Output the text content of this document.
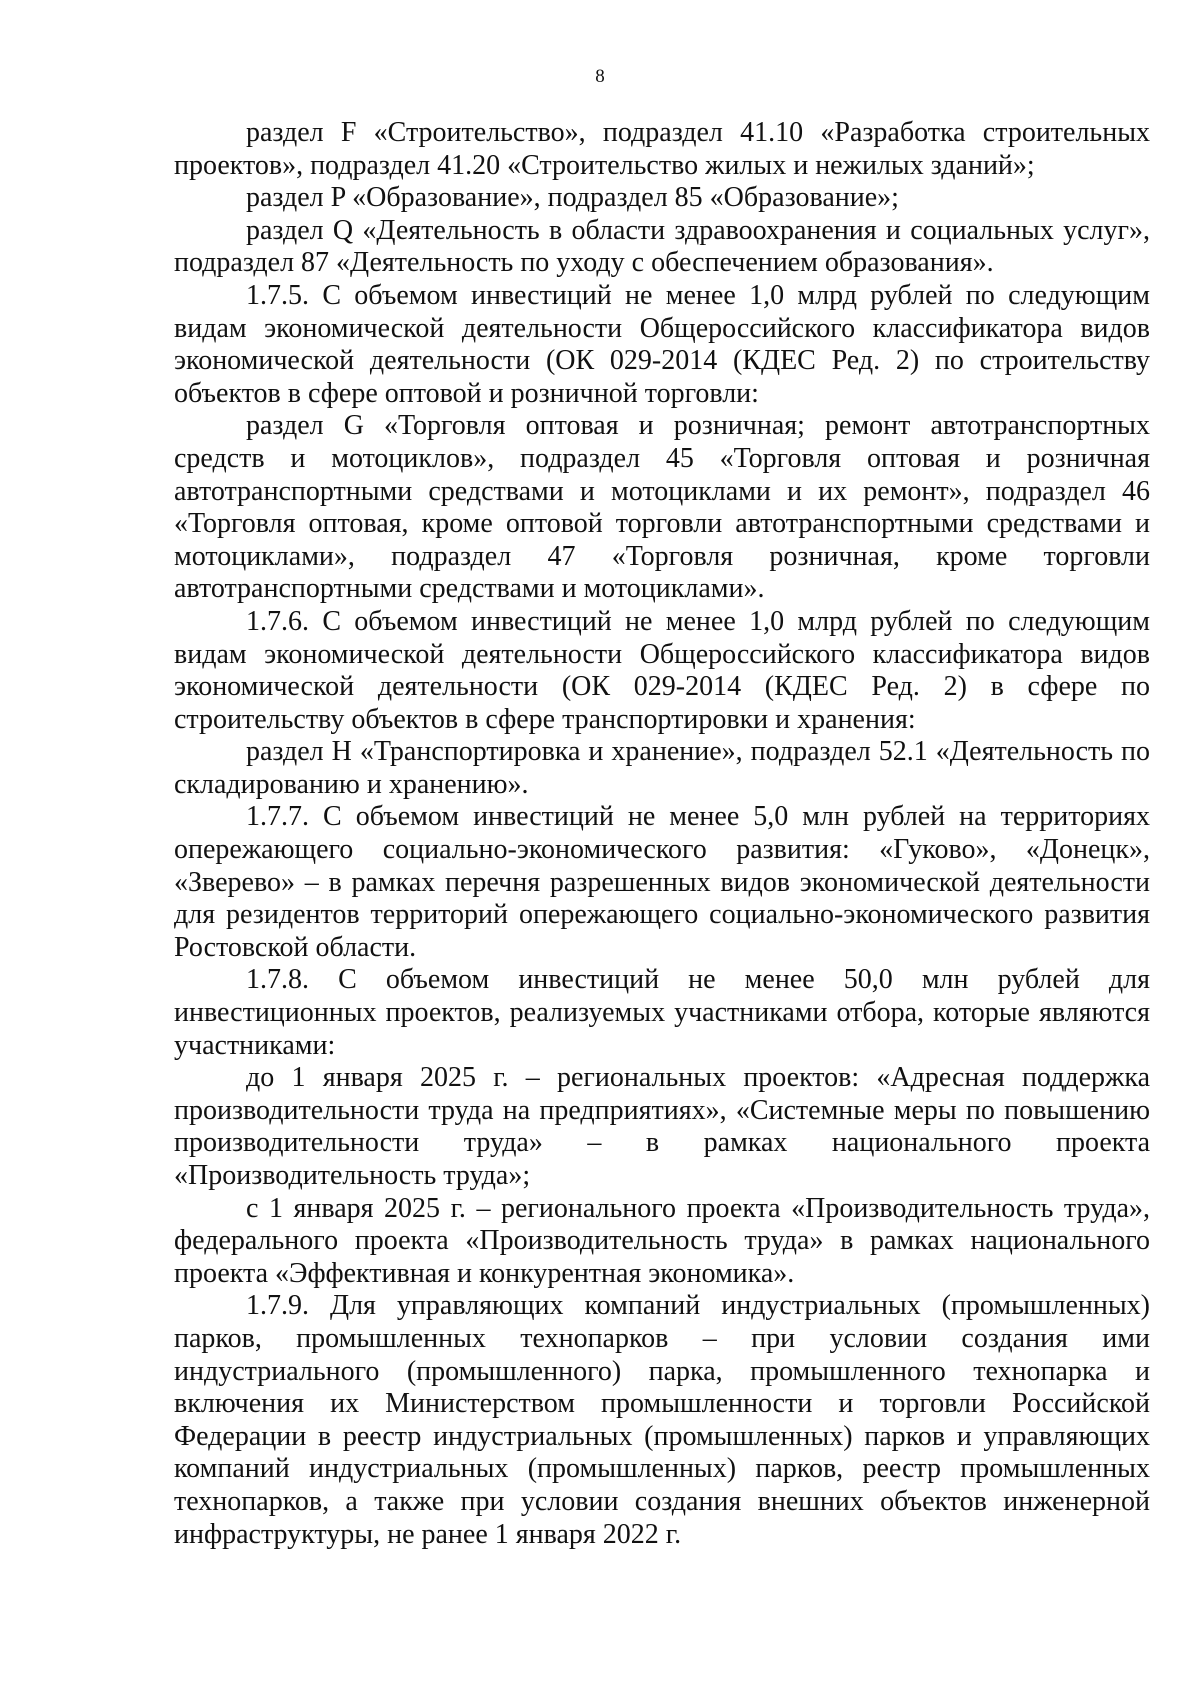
8

раздел F «Строительство», подраздел 41.10 «Разработка строительных проектов», подраздел 41.20 «Строительство жилых и нежилых зданий»;

раздел P «Образование», подраздел 85 «Образование»;

раздел Q «Деятельность в области здравоохранения и социальных услуг», подраздел 87 «Деятельность по уходу с обеспечением образования».

1.7.5. С объемом инвестиций не менее 1,0 млрд рублей по следующим видам экономической деятельности Общероссийского классификатора видов экономической деятельности (ОК 029-2014 (КДЕС Ред. 2) по строительству объектов в сфере оптовой и розничной торговли:

раздел G «Торговля оптовая и розничная; ремонт автотранспортных средств и мотоциклов», подраздел 45 «Торговля оптовая и розничная автотранспортными средствами и мотоциклами и их ремонт», подраздел 46 «Торговля оптовая, кроме оптовой торговли автотранспортными средствами и мотоциклами», подраздел 47 «Торговля розничная, кроме торговли автотранспортными средствами и мотоциклами».

1.7.6. С объемом инвестиций не менее 1,0 млрд рублей по следующим видам экономической деятельности Общероссийского классификатора видов экономической деятельности (ОК 029-2014 (КДЕС Ред. 2) в сфере по строительству объектов в сфере транспортировки и хранения:

раздел H «Транспортировка и хранение», подраздел 52.1 «Деятельность по складированию и хранению».

1.7.7. С объемом инвестиций не менее 5,0 млн рублей на территориях опережающего социально-экономического развития: «Гуково», «Донецк», «Зверево» – в рамках перечня разрешенных видов экономической деятельности для резидентов территорий опережающего социально-экономического развития Ростовской области.

1.7.8. С объемом инвестиций не менее 50,0 млн рублей для инвестиционных проектов, реализуемых участниками отбора, которые являются участниками:

до 1 января 2025 г. – региональных проектов: «Адресная поддержка производительности труда на предприятиях», «Системные меры по повышению производительности труда» – в рамках национального проекта «Производительность труда»;

с 1 января 2025 г. – регионального проекта «Производительность труда», федерального проекта «Производительность труда» в рамках национального проекта «Эффективная и конкурентная экономика».

1.7.9. Для управляющих компаний индустриальных (промышленных) парков, промышленных технопарков – при условии создания ими индустриального (промышленного) парка, промышленного технопарка и включения их Министерством промышленности и торговли Российской Федерации в реестр индустриальных (промышленных) парков и управляющих компаний индустриальных (промышленных) парков, реестр промышленных технопарков, а также при условии создания внешних объектов инженерной инфраструктуры, не ранее 1 января 2022 г.
